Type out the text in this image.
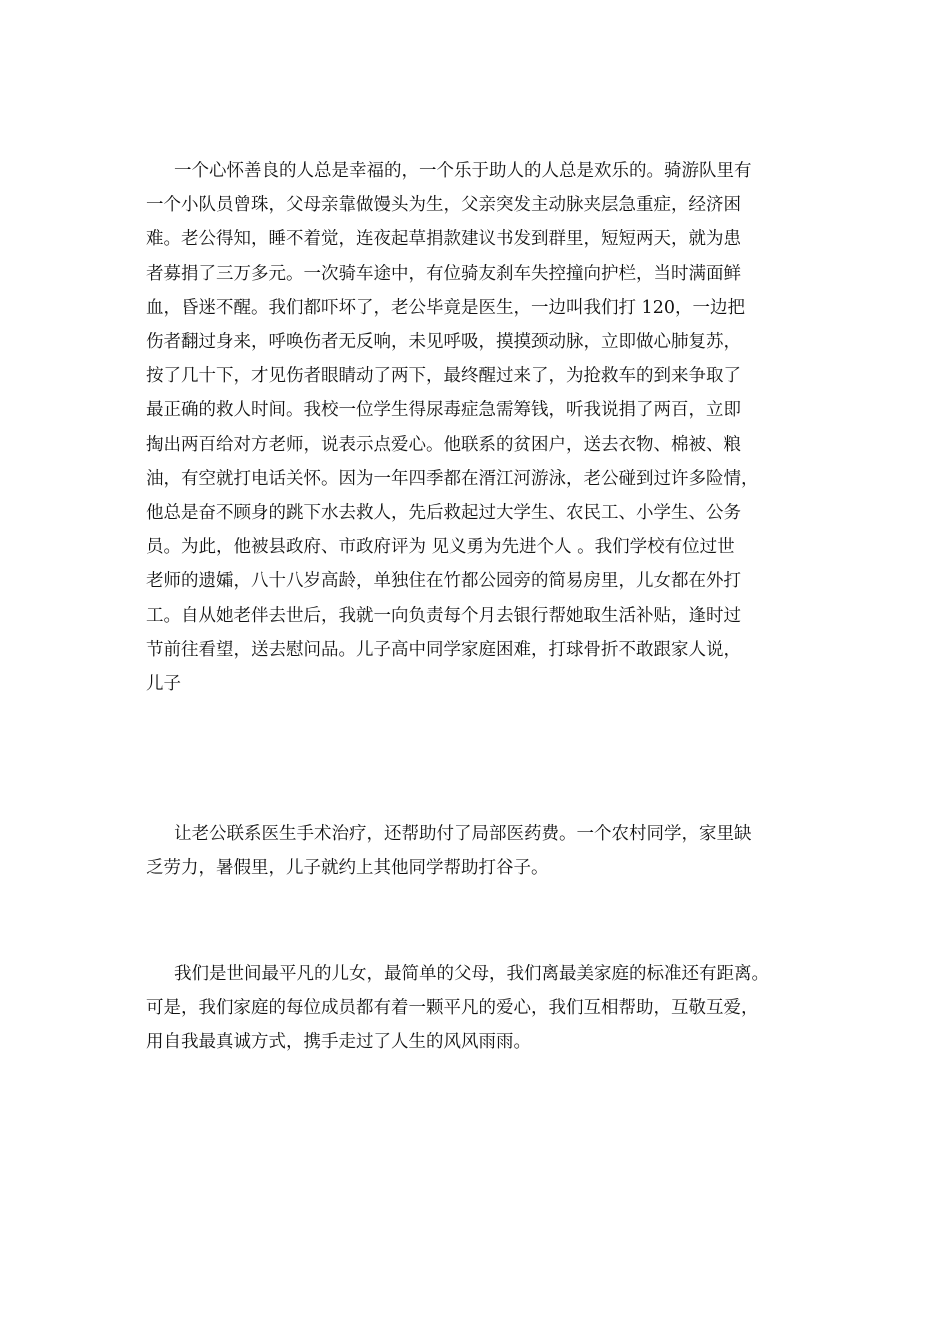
一个心怀善良的人总是幸福的，一个乐于助人的人总是欢乐的。骑游队里有
一个小队员曾珠，父母亲靠做馒头为生，父亲突发主动脉夹层急重症，经济困
难。老公得知，睡不着觉，连夜起草捐款建议书发到群里，短短两天，就为患
者募捐了三万多元。一次骑车途中，有位骑友刹车失控撞向护栏，当时满面鲜
血，昏迷不醒。我们都吓坏了，老公毕竟是医生，一边叫我们打 120，一边把
伤者翻过身来，呼唤伤者无反响，未见呼吸，摸摸颈动脉，立即做心肺复苏，
按了几十下，才见伤者眼睛动了两下，最终醒过来了，为抢救车的到来争取了
最正确的救人时间。我校一位学生得尿毒症急需筹钱，听我说捐了两百，立即
掏出两百给对方老师，说表示点爱心。他联系的贫困户，送去衣物、棉被、粮
油，有空就打电话关怀。因为一年四季都在湑江河游泳，老公碰到过许多险情，
他总是奋不顾身的跳下水去救人，先后救起过大学生、农民工、小学生、公务
员。为此，他被县政府、市政府评为 见义勇为先进个人 。我们学校有位过世
老师的遗孀，八十八岁高龄，单独住在竹都公园旁的简易房里，儿女都在外打
工。自从她老伴去世后，我就一向负责每个月去银行帮她取生活补贴，逢时过
节前往看望，送去慰问品。儿子高中同学家庭困难，打球骨折不敢跟家人说，
儿子
让老公联系医生手术治疗，还帮助付了局部医药费。一个农村同学，家里缺
乏劳力，暑假里，儿子就约上其他同学帮助打谷子。
我们是世间最平凡的儿女，最简单的父母，我们离最美家庭的标准还有距离。
可是，我们家庭的每位成员都有着一颗平凡的爱心，我们互相帮助，互敬互爱，
用自我最真诚方式，携手走过了人生的风风雨雨。
